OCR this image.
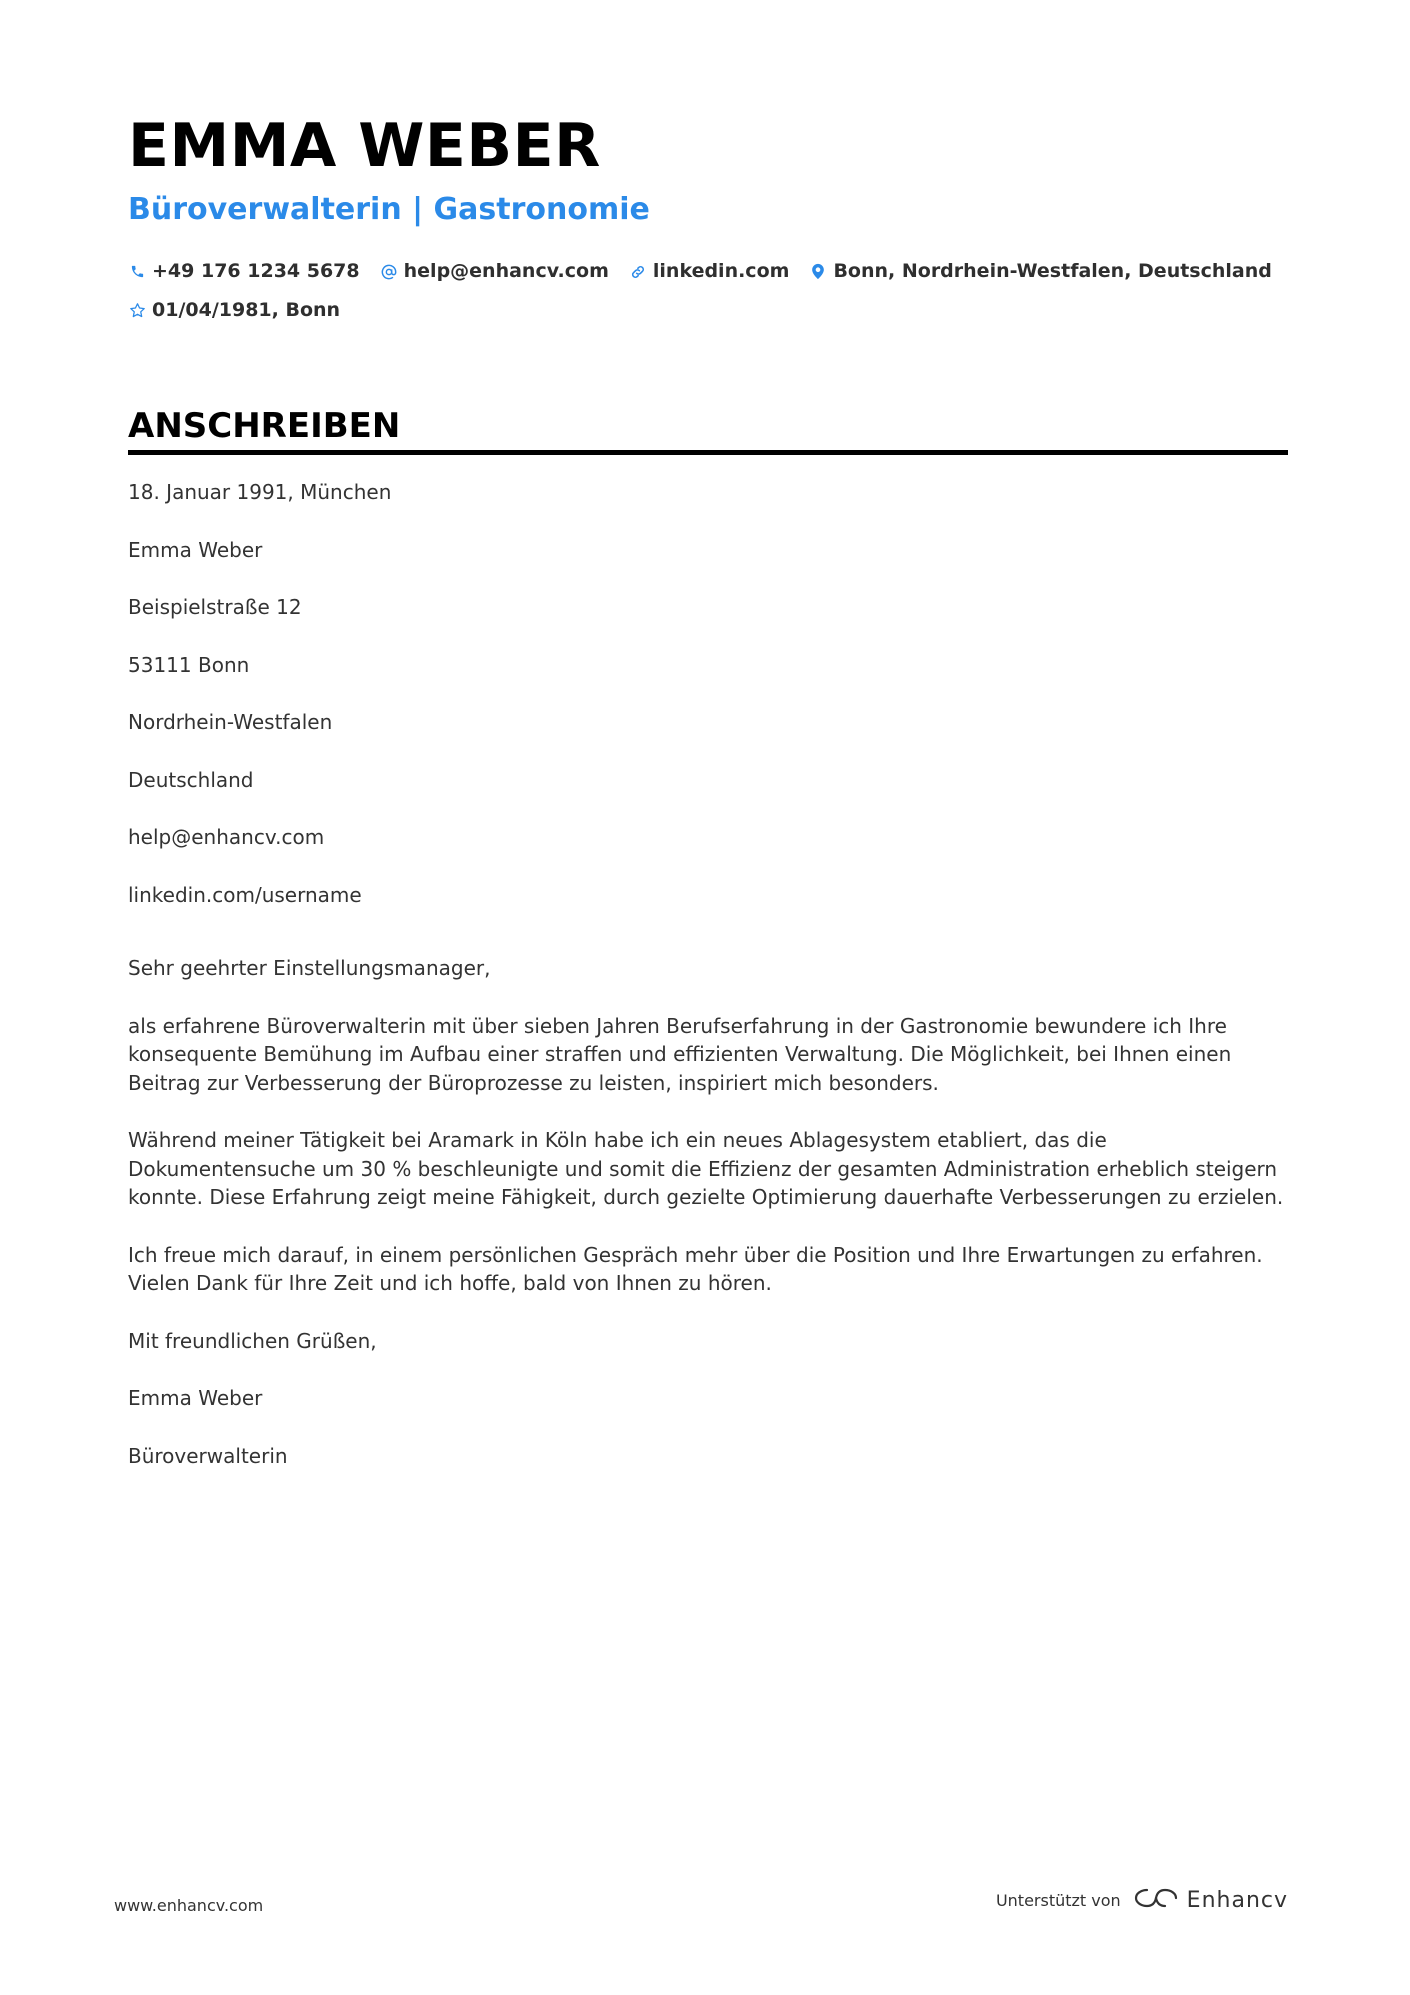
EMMA WEBER
Büroverwalterin | Gastronomie
+49 176 1234 5678 help@enhancv.com linkedin.com Bonn, Nordrhein-Westfalen, Deutschland
01/04/1981, Bonn
ANSCHREIBEN

18. Januar 1991, München

Emma Weber

Beispielstraße 12

53111 Bonn

Nordrhein-Westfalen

Deutschland

help@enhancv.com

linkedin.com/username

Sehr geehrter Einstellungsmanager,

als erfahrene Büroverwalterin mit über sieben Jahren Berufserfahrung in der Gastronomie bewundere ich Ihre konsequente Bemühung im Aufbau einer straffen und effizienten Verwaltung. Die Möglichkeit, bei Ihnen einen Beitrag zur Verbesserung der Büroprozesse zu leisten, inspiriert mich besonders.

Während meiner Tätigkeit bei Aramark in Köln habe ich ein neues Ablagesystem etabliert, das die Dokumentensuche um 30 % beschleunigte und somit die Effizienz der gesamten Administration erheblich steigern konnte. Diese Erfahrung zeigt meine Fähigkeit, durch gezielte Optimierung dauerhafte Verbesserungen zu erzielen.

Ich freue mich darauf, in einem persönlichen Gespräch mehr über die Position und Ihre Erwartungen zu erfahren. Vielen Dank für Ihre Zeit und ich hoffe, bald von Ihnen zu hören.

Mit freundlichen Grüßen,

Emma Weber

Büroverwalterin

www.enhancv.com	Unterstützt von	Enhancv
